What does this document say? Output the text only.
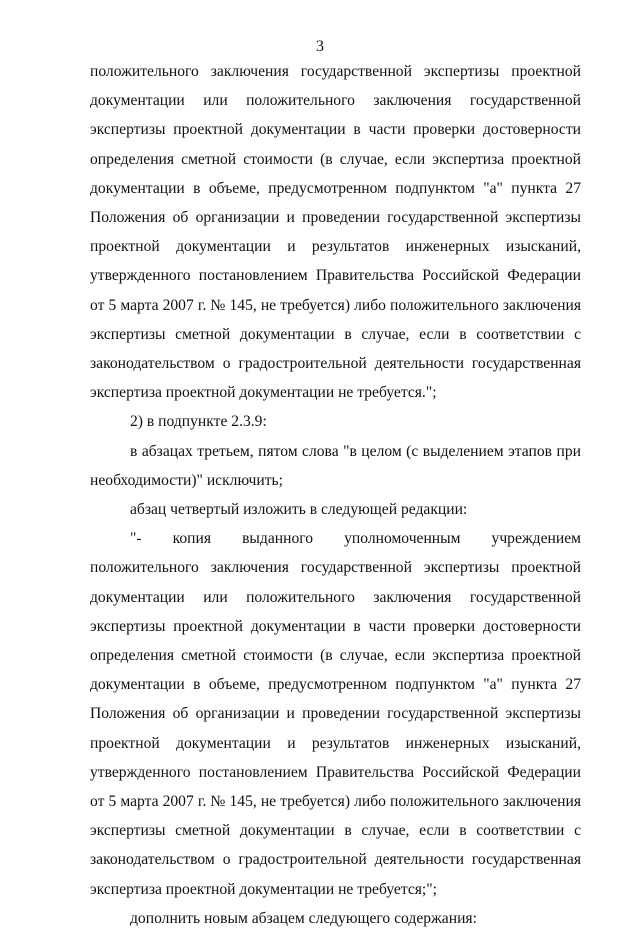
3

положительного заключения государственной экспертизы проектной документации или положительного заключения государственной экспертизы проектной документации в части проверки достоверности определения сметной стоимости (в случае, если экспертиза проектной документации в объеме, предусмотренном подпунктом "а" пункта 27 Положения об организации и проведении государственной экспертизы проектной документации и результатов инженерных изысканий, утвержденного постановлением Правительства Российской Федерации от 5 марта 2007 г. № 145, не требуется) либо положительного заключения экспертизы сметной документации в случае, если в соответствии с законодательством о градостроительной деятельности государственная экспертиза проектной документации не требуется.";

2) в подпункте 2.3.9:

в абзацах третьем, пятом слова "в целом (с выделением этапов при необходимости)" исключить;

абзац четвертый изложить в следующей редакции:

"- копия выданного уполномоченным учреждением положительного заключения государственной экспертизы проектной документации или положительного заключения государственной экспертизы проектной документации в части проверки достоверности определения сметной стоимости (в случае, если экспертиза проектной документации в объеме, предусмотренном подпунктом "а" пункта 27 Положения об организации и проведении государственной экспертизы проектной документации и результатов инженерных изысканий, утвержденного постановлением Правительства Российской Федерации от 5 марта 2007 г. № 145, не требуется) либо положительного заключения экспертизы сметной документации в случае, если в соответствии с законодательством о градостроительной деятельности государственная экспертиза проектной документации не требуется;";

дополнить новым абзацем следующего содержания:
